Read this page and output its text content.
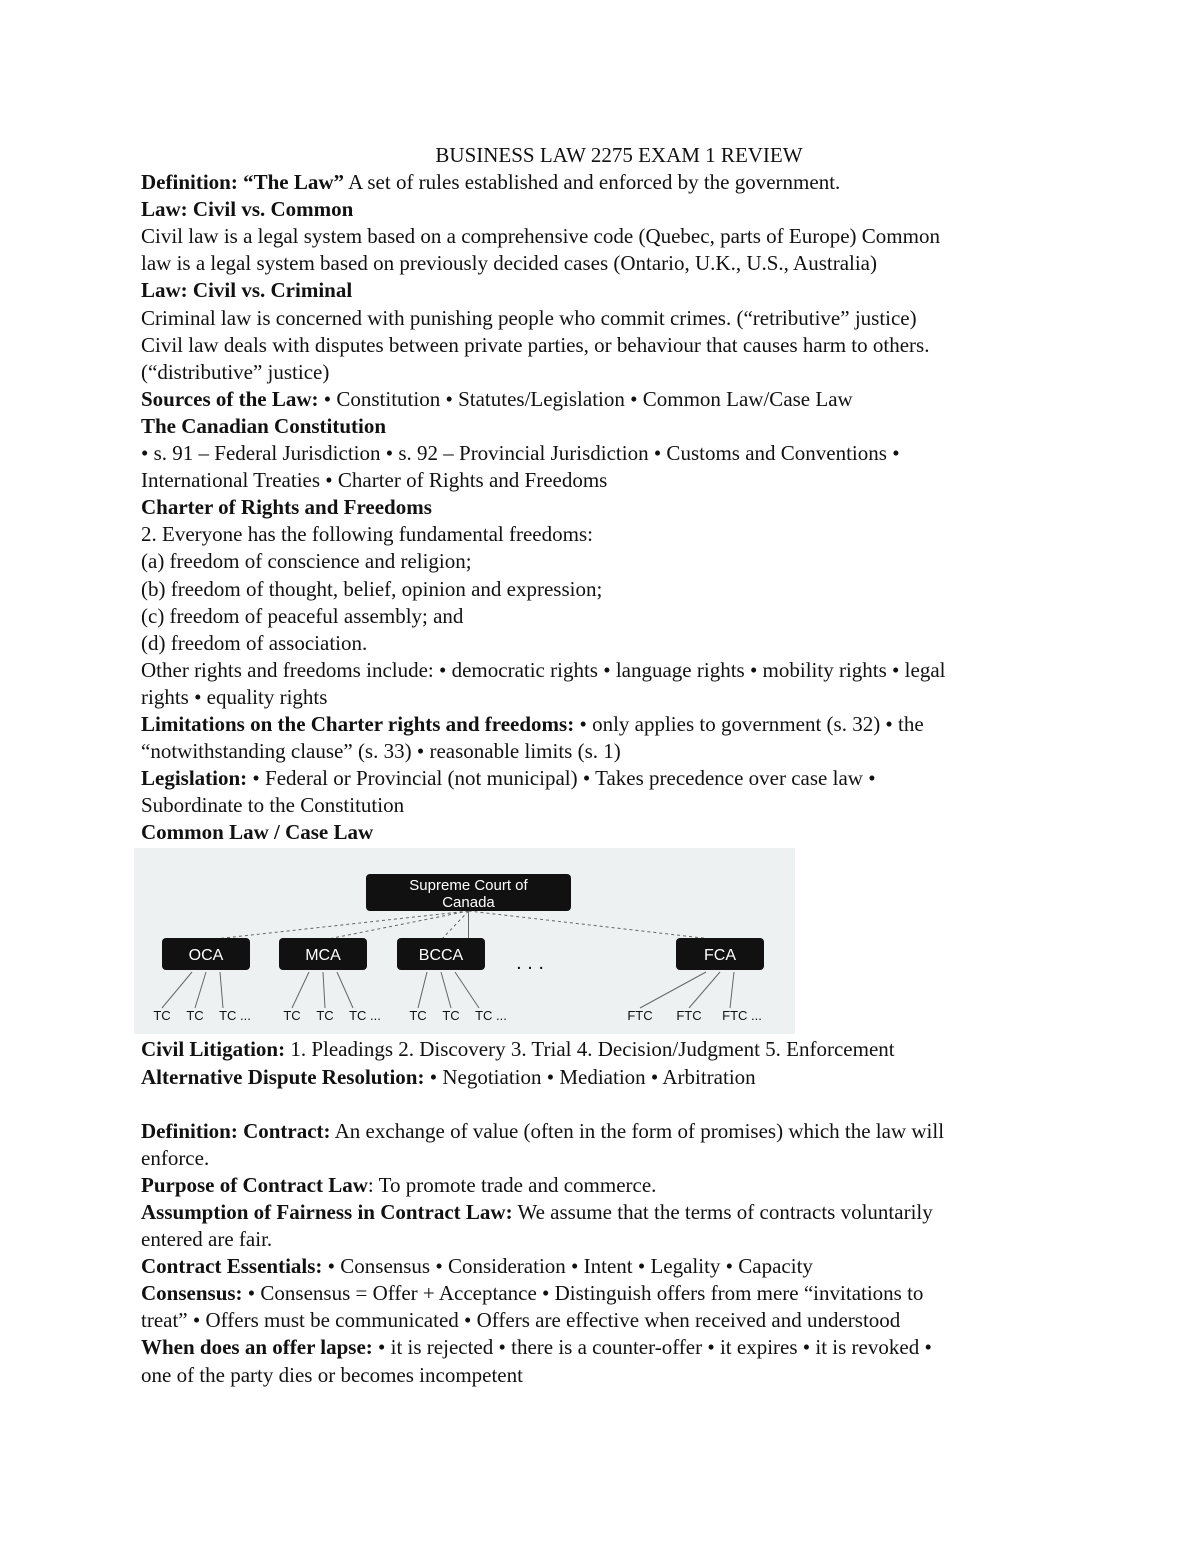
BUSINESS LAW 2275 EXAM 1 REVIEW
Definition: “The Law” A set of rules established and enforced by the government.
Law: Civil vs. Common
Civil law is a legal system based on a comprehensive code (Quebec, parts of Europe) Common
law is a legal system based on previously decided cases (Ontario, U.K., U.S., Australia)
Law: Civil vs. Criminal
Criminal law is concerned with punishing people who commit crimes. (“retributive” justice)
Civil law deals with disputes between private parties, or behaviour that causes harm to others.
(“distributive” justice)
Sources of the Law: • Constitution • Statutes/Legislation • Common Law/Case Law
The Canadian Constitution
• s. 91 – Federal Jurisdiction • s. 92 – Provincial Jurisdiction • Customs and Conventions •
International Treaties • Charter of Rights and Freedoms
Charter of Rights and Freedoms
2. Everyone has the following fundamental freedoms:
(a) freedom of conscience and religion;
(b) freedom of thought, belief, opinion and expression;
(c) freedom of peaceful assembly; and
(d) freedom of association.
Other rights and freedoms include: • democratic rights • language rights • mobility rights • legal
rights • equality rights
Limitations on the Charter rights and freedoms: • only applies to government (s. 32) • the
“notwithstanding clause” (s. 33) • reasonable limits (s. 1)
Legislation: • Federal or Provincial (not municipal) • Takes precedence over case law •
Subordinate to the Constitution
Common Law / Case Law
Supreme Court of
Canada
OCA	MCA	BCCA	FCA
. . .
TC TC TC ... TC TC TC ... TC TC TC ...	FTC FTC FTC ...
Civil Litigation: 1. Pleadings 2. Discovery 3. Trial 4. Decision/Judgment 5. Enforcement
Alternative Dispute Resolution: • Negotiation • Mediation • Arbitration
Definition: Contract: An exchange of value (often in the form of promises) which the law will
enforce.
Purpose of Contract Law: To promote trade and commerce.
Assumption of Fairness in Contract Law: We assume that the terms of contracts voluntarily
entered are fair.
Contract Essentials: • Consensus • Consideration • Intent • Legality • Capacity
Consensus: • Consensus = Offer + Acceptance • Distinguish offers from mere “invitations to
treat” • Offers must be communicated • Offers are effective when received and understood
When does an offer lapse: • it is rejected • there is a counter-offer • it expires • it is revoked •
one of the party dies or becomes incompetent
